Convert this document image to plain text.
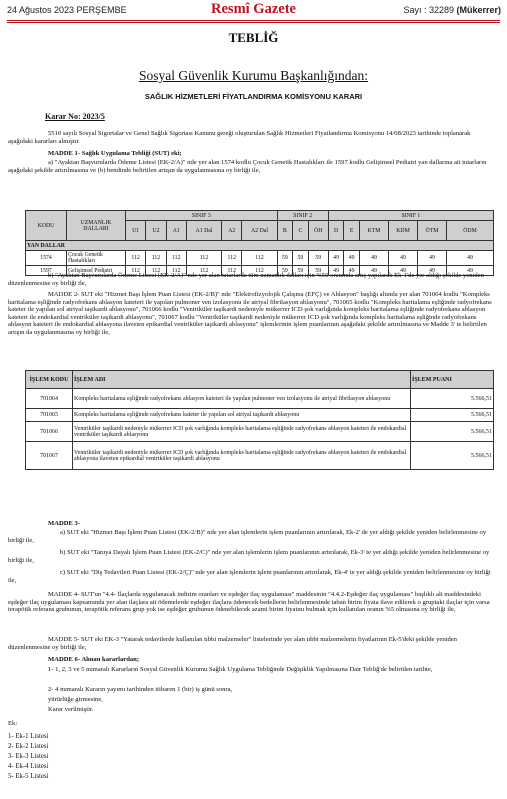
24 Ağustos 2023 PERŞEMBE	Resmî Gazete	Sayı : 32289 (Mükerrer)
TEBLİĞ
Sosyal Güvenlik Kurumu Başkanlığından:
SAĞLIK HİZMETLERİ FİYATLANDIRMA KOMİSYONU KARARI
Karar No: 2023/5
5510 sayılı Sosyal Sigortalar ve Genel Sağlık Sigortası Kanunu gereği oluşturulan Sağlık Hizmetleri Fiyatlandırma Komisyonu 14/08/2023 tarihinde toplanarak aşağıdaki kararları almıştır.
MADDE 1- Sağlık Uygulama Tebliği (SUT) eki;
a) "Ayaktan Başvurularda Ödeme Listesi (EK-2/A)" nde yer alan 1574 kodlu Çocuk Genetik Hastalıkları ile 1597 kodlu Gelişimsel Pediatri yan dallarına ait tutarların aşağıdaki şekilde artırılmasına ve (b) bendinde belirtilen artışın da uygulanmasına oy birliği ile,
KODU	UZMANLIK DALLARI	SINIF 3						SINIF 2			SINIF 1					
		U1	U2	A1	A1 Dal	A2	A2 Dal	B	C	ÖH	D	E	KTM	KDM	ÖTM	ÖDM
YAN DALLAR																
1574	Çocuk Genetik Hastalıkları	112	112	112	112	112	112	59	59	59	49	49	49	49	49	49
1597	Gelişimsel Pediatri	112	112	112	112	112	112	59	59	59	49	49	49	49	49	49
b) "Ayaktan Başvurularda Ödeme Listesi (EK-2/A)" nde yer alan tutarlarda tüm uzmanlık dalları için %50 oranında artış yapılarak Ek-1'de yer aldığı şekilde yeniden düzenlenmesine oy birliği ile,
MADDE 2- SUT eki "Hizmet Başı İşlem Puan Listesi (EK-2/B)" nde "Elektrofizyolojik Çalışma (EFÇ) ve Ablasyon" başlığı altında yer alan 701064 kodlu "Kompleks haritalama eşliğinde radyofrekans ablasyon kateteri ile yapılan pulmoner ven izolasyonu ile atriyal fibrilasyon ablasyonu", 701065 kodlu "Kompleks haritalama eşliğinde radyofrekans kateter ile yapılan sol atriyal taşikardi ablasyonu", 701066 kodlu "Ventriküler taşikardi nedeniyle mükerrer ICD şok varlığında kompleks haritalama eşliğinde radyofrekans ablasyon kateteri ile endokardial ventriküler taşikardi ablasyonu", 701067 kodlu "Ventriküler taşikardi nedeniyle mükerrer ICD şok varlığında kompleks haritalama eşliğinde radyofrekans ablasyon kateteri ile endokardial ablasyona ilaveten epikardial ventriküler taşikardi ablasyonu" işlemlerinin işlem puanlarının aşağıdaki şekilde artırılmasına ve Madde 3' te belirtilen artışın da uygulanmasına oy birliği ile,
İŞLEM KODU	İŞLEM ADI	İŞLEM PUANI
701064	Kompleks haritalama eşliğinde radyofrekans ablasyon kateteri ile yapılan pulmoner ven izolasyonu ile atriyal fibrilasyon ablasyonu	5.566,51
701065	Kompleks haritalama eşliğinde radyofrekans kateter ile yapılan sol atriyal taşikardi ablasyonu	5.566,51
701066	Ventriküler taşikardi nedeniyle mükerrer ICD şok varlığında kompleks haritalama eşliğinde radyofrekans ablasyon kateteri ile endokardial ventriküler taşikardi ablasyonu	5.566,51
701067	Ventriküler taşikardi nedeniyle mükerrer ICD şok varlığında kompleks haritalama eşliğinde radyofrekans ablasyon kateteri ile endokardial ablasyona ilaveten epikardial ventriküler taşikardi ablasyonu	5.566,51
MADDE 3-
a) SUT eki "Hizmet Başı İşlem Puan Listesi (EK-2/B)" nde yer alan işlemlerin işlem puanlarının artırılarak, Ek-2' de yer aldığı şekilde yeniden belirlenmesine oy birliği ile,
b) SUT eki "Tanıya Dayalı İşlem Puan Listesi (EK-2/C)" nde yer alan işlemlerin işlem puanlarının artırılarak, Ek-3' te yer aldığı şekilde yeniden belirlenmesine oy birliği ile,
c) SUT eki "Diş Tedavileri Puan Listesi (EK-2/Ç)" nde yer alan işlemlerin işlem puanlarının artırılarak, Ek-4' te yer aldığı şekilde yeniden belirlenmesine oy birliği ile,
MADDE 4- SUT'un "4.4- İlaçlarda uygulanacak indirim oranları ve eşdeğer ilaç uygulaması" maddesinin "4.4.2-Eşdeğer ilaç uygulaması" başlıklı alt maddesindeki eşdeğer ilaç uygulaması kapsamında yer alan ilaçlara ait ödemelerde eşdeğer ilaçlara ödenecek bedellerin belirlenmesinde taban birim fiyata ilave edilerek o gruptaki ilaçlar için varsa terapötik referans grubunun, terapötik referans grup yok ise eşdeğer grubunun ödenebilecek azami birim fiyatını bulmak için kullanılan oranın %5 olmasına oy birliği ile,
MADDE 5- SUT eki EK-3 "Yatarak tedavilerde kullanılan tıbbi malzemeler" listelerinde yer alan tıbbi malzemelerin fiyatlarının Ek-5'deki şekilde yeniden düzenlenmesine oy birliği ile,
MADDE 6- Alınan kararlardan;
1- 1, 2, 3 ve 5 numaralı Kararların Sosyal Güvenlik Kurumu Sağlık Uygulama Tebliğinde Değişiklik Yapılmasına Dair Tebliğ'de belirtilen tarihte,
2- 4 numaralı Kararın yayımı tarihinden itibaren 1 (bir) iş günü sonra,
yürürlüğe girmesine,
Karar verilmiştir.
Ek:
1- Ek-1 Listesi
2- Ek-2 Listesi
3- Ek-3 Listesi
4- Ek-4 Listesi
5- Ek-5 Listesi
